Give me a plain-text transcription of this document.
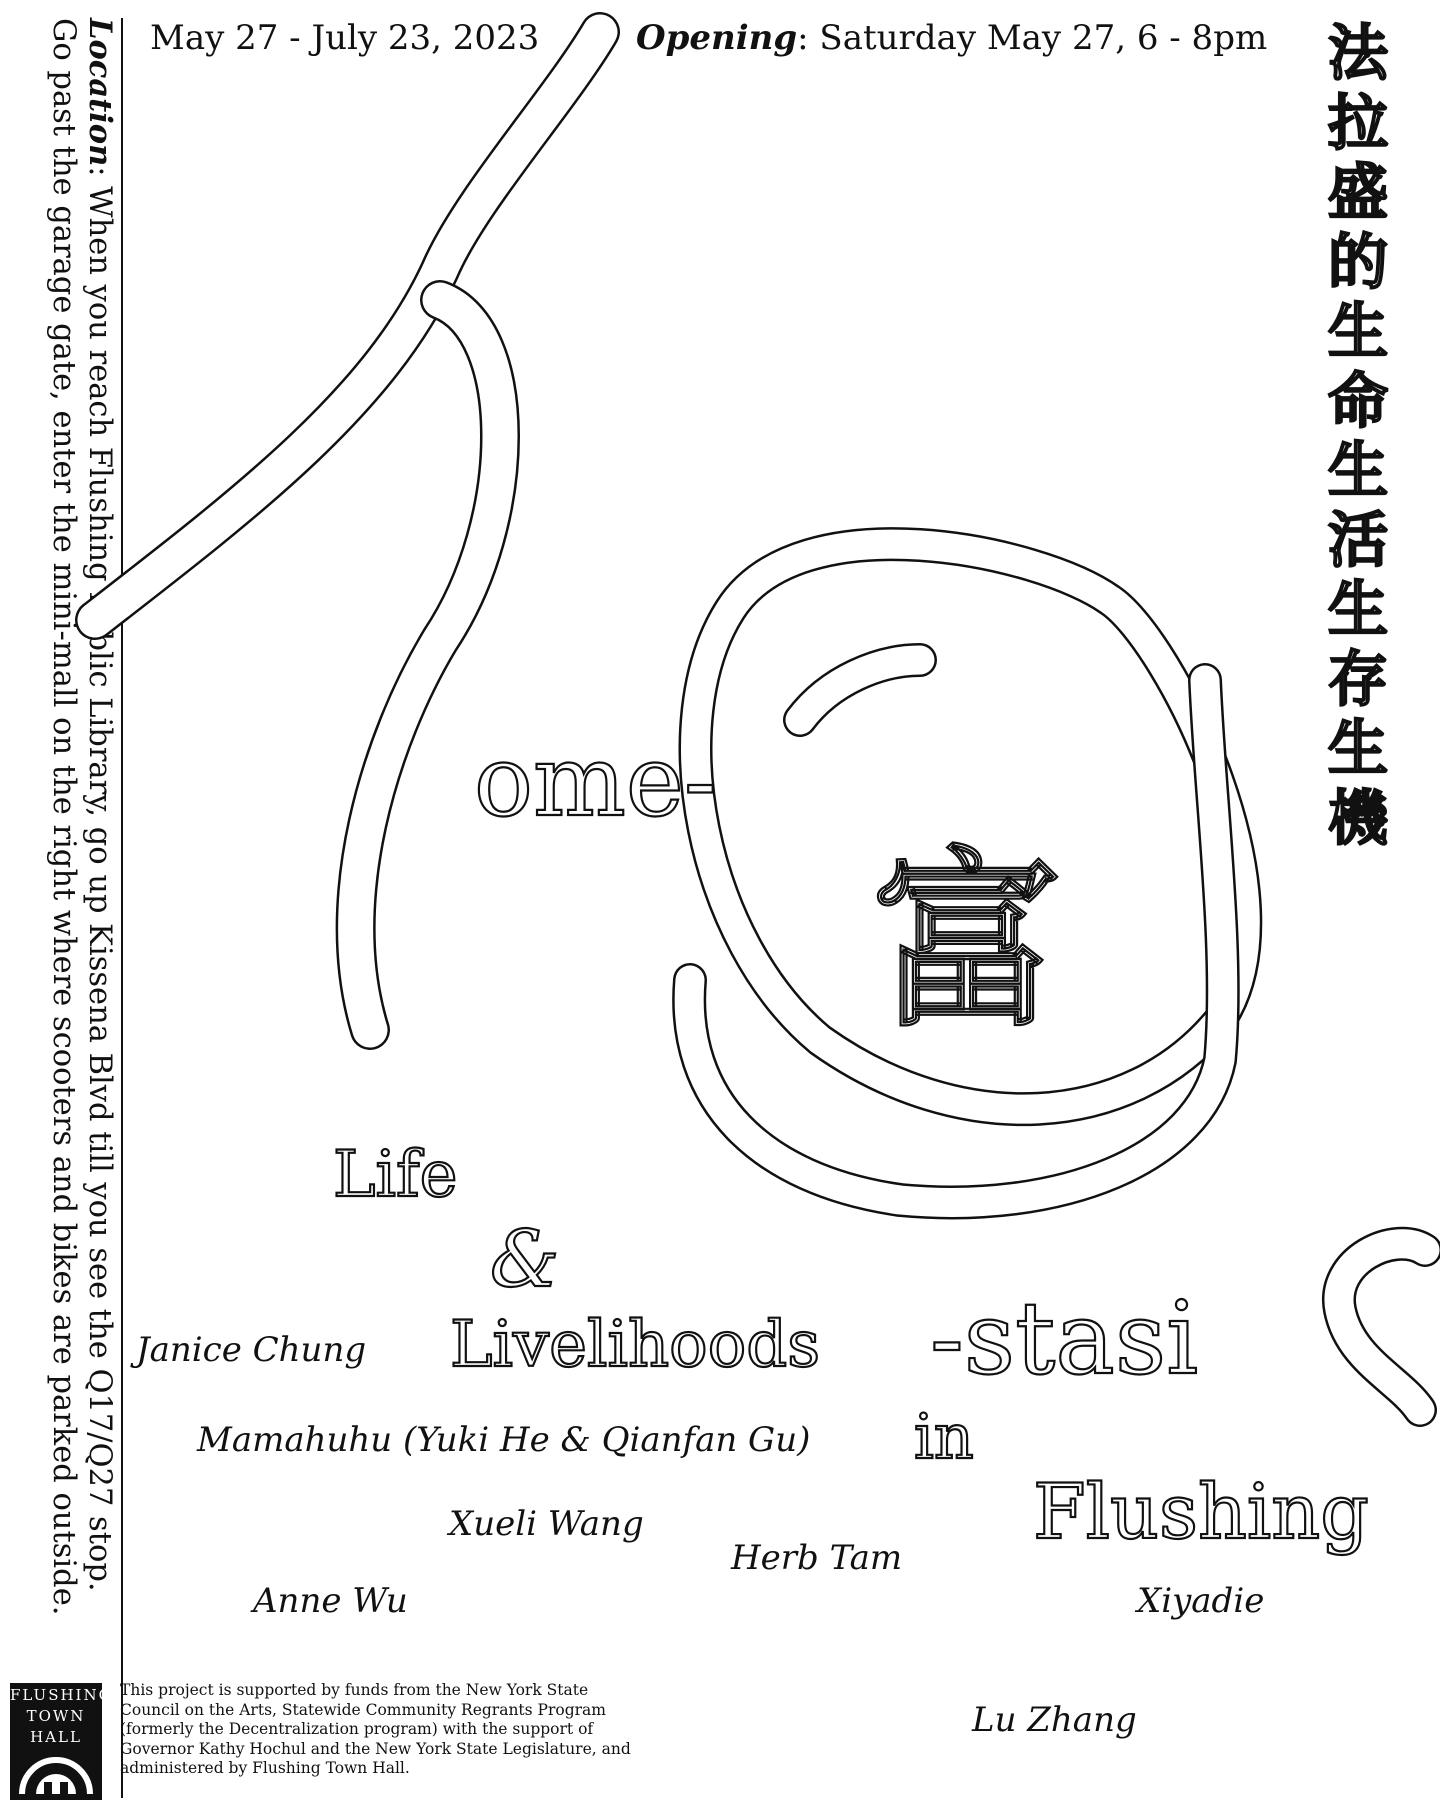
Location: When you reach Flushing Public Library, go up Kissena Blvd till you see the Q17/Q27 stop.
Go past the garage gate, enter the mini-mall on the right where scooters and bikes are parked outside.	May 27 - July 23, 2023	Opening: Saturday May 27, 6 - 8pm 法
拉
盛
的
生
命
生
活
生
存
生
機
富
ome-
-stasi
Life
&
Livelihoods
in
Flushing
Janice Chung
Mamahuhu (Yuki He & Qianfan Gu)
Xueli Wang
Herb Tam
Anne Wu	Xiyadie
Lu Zhang
FLUSHING
TOWN
HALL
This project is supported by funds from the New York State Council on the Arts, Statewide Community Regrants Program (formerly the Decentralization program) with the support of Governor Kathy Hochul and the New York State Legislature, and administered by Flushing Town Hall.
